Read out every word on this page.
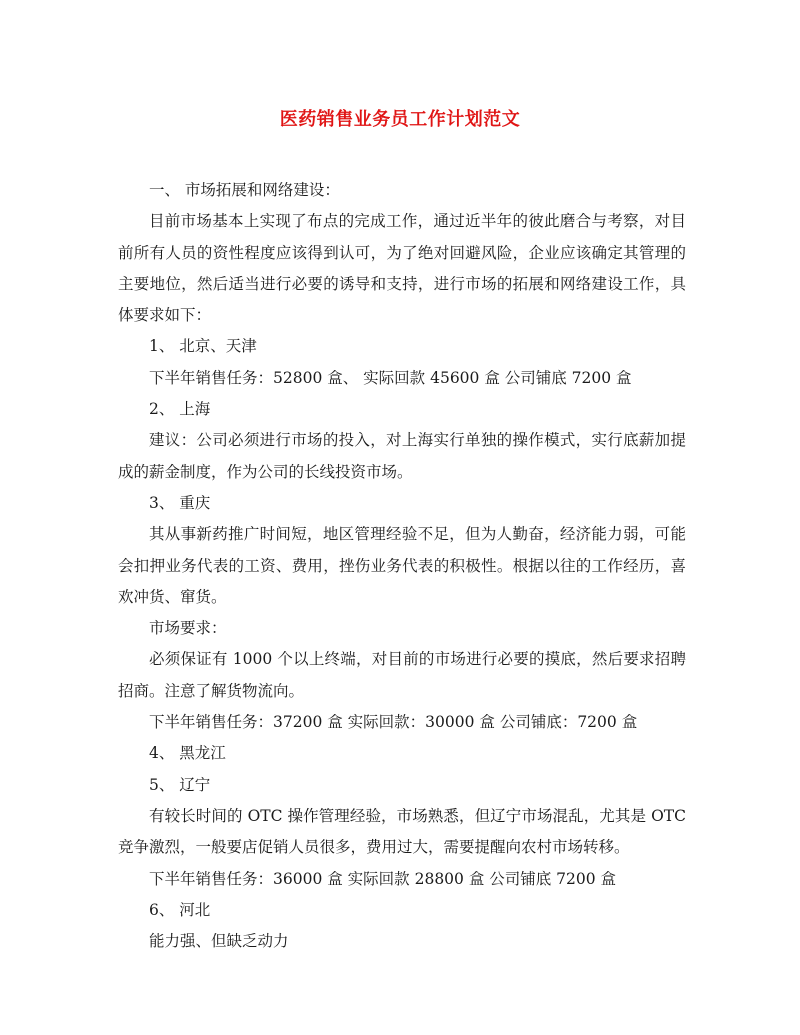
医药销售业务员工作计划范文

一、 市场拓展和网络建设：

目前市场基本上实现了布点的完成工作，通过近半年的彼此磨合与考察，对目前所有人员的资性程度应该得到认可，为了绝对回避风险，企业应该确定其管理的主要地位，然后适当进行必要的诱导和支持，进行市场的拓展和网络建设工作，具体要求如下：

1、 北京、天津

下半年销售任务：52800 盒、 实际回款 45600 盒 公司铺底 7200 盒

2、 上海

建议：公司必须进行市场的投入，对上海实行单独的操作模式，实行底薪加提成的薪金制度，作为公司的长线投资市场。

3、 重庆

其从事新药推广时间短，地区管理经验不足，但为人勤奋，经济能力弱，可能会扣押业务代表的工资、费用，挫伤业务代表的积极性。根据以往的工作经历，喜欢冲货、窜货。

市场要求：

必须保证有 1000 个以上终端，对目前的市场进行必要的摸底，然后要求招聘招商。注意了解货物流向。

下半年销售任务：37200 盒 实际回款：30000 盒 公司铺底：7200 盒

4、 黑龙江

5、 辽宁

有较长时间的 OTC 操作管理经验，市场熟悉，但辽宁市场混乱，尤其是 OTC 竞争激烈，一般要店促销人员很多，费用过大，需要提醒向农村市场转移。

下半年销售任务：36000 盒 实际回款 28800 盒 公司铺底 7200 盒

6、 河北

能力强、但缺乏动力
